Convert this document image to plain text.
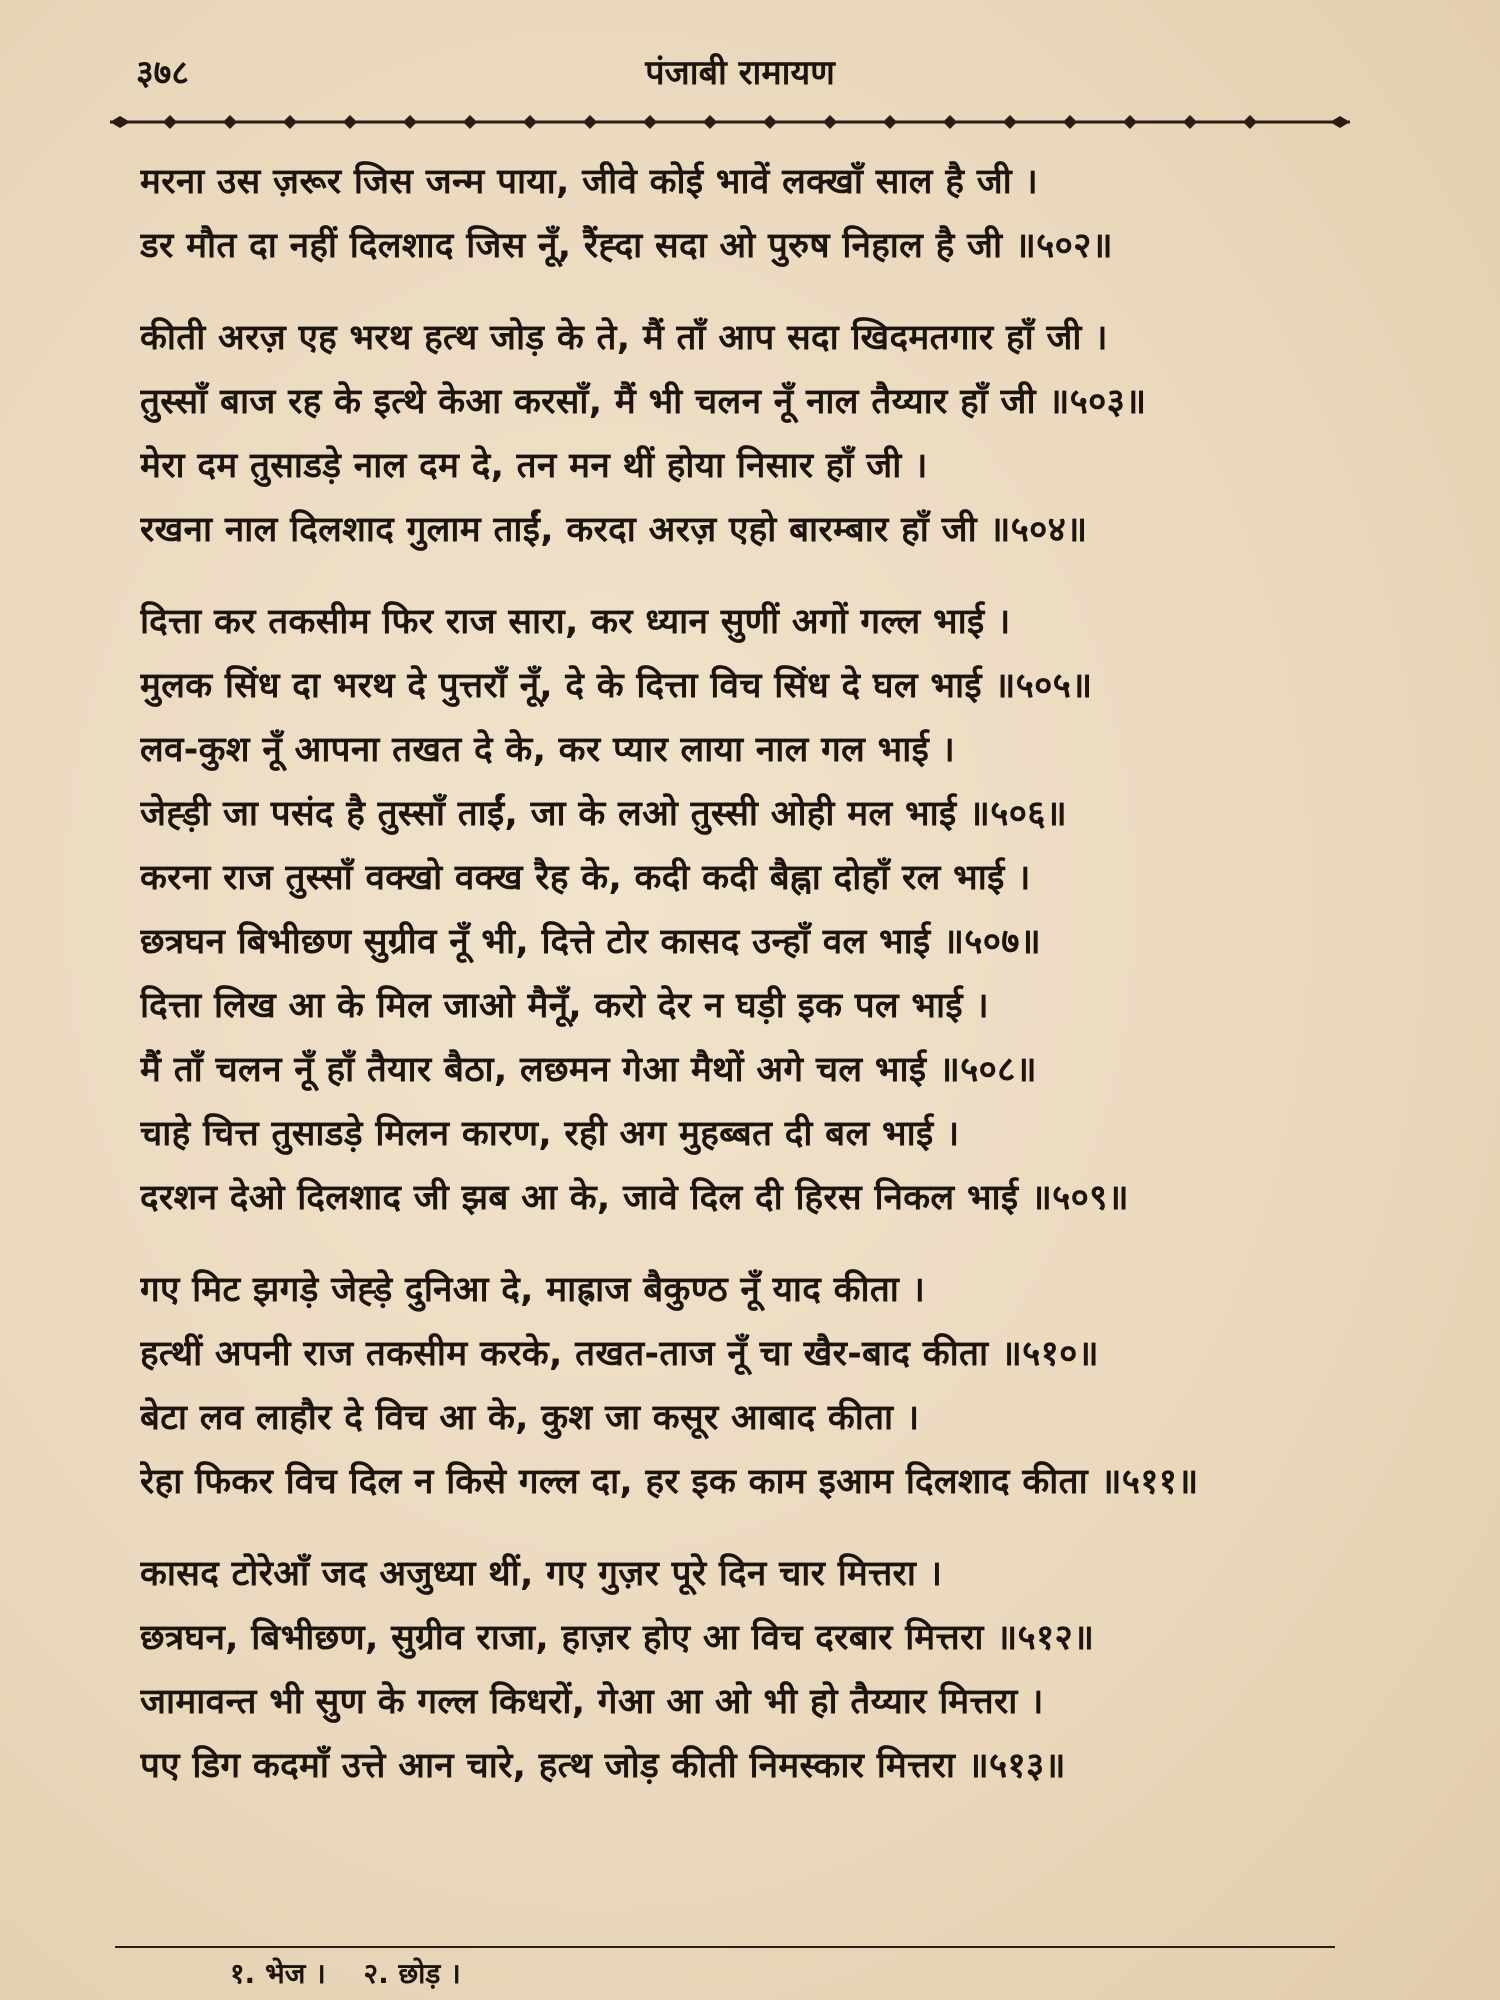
३७८	पंजाबी रामायण
मरना उस ज़रूर जिस जन्म पाया, जीवे कोई भावें लक्खाँ साल है जी ।
डर मौत दा नहीं दिलशाद जिस नूँ, रैंह्दा सदा ओ पुरुष निहाल है जी ॥५०२॥
कीती अरज़ एह भरथ हत्थ जोड़ के ते, मैं ताँ आप सदा खिदमतगार हाँ जी ।
तुस्साँ बाज रह के इत्थे केआ करसाँ, मैं भी चलन नूँ नाल तैय्यार हाँ जी ॥५०३॥
मेरा दम तुसाडड़े नाल दम दे, तन मन थीं होया निसार हाँ जी ।
रखना नाल दिलशाद गुलाम ताईं, करदा अरज़ एहो बारम्बार हाँ जी ॥५०४॥
दित्ता कर तकसीम फिर राज सारा, कर ध्यान सुणीं अगों गल्ल भाई ।
मुलक सिंध दा भरथ दे पुत्तराँ नूँ, दे के दित्ता विच सिंध दे घल भाई ॥५०५॥
लव-कुश नूँ आपना तखत दे के, कर प्यार लाया नाल गल भाई ।
जेह्ड़ी जा पसंद है तुस्साँ ताईं, जा के लओ तुस्सी ओही मल भाई ॥५०६॥
करना राज तुस्साँ वक्खो वक्ख रैह के, कदी कदी बैह्ना दोहाँ रल भाई ।
छत्रघन बिभीछण सुग्रीव नूँ भी, दित्ते टोर कासद उन्हाँ वल भाई ॥५०७॥
दित्ता लिख आ के मिल जाओ मैनूँ, करो देर न घड़ी इक पल भाई ।
मैं ताँ चलन नूँ हाँ तैयार बैठा, लछमन गेआ मैथों अगे चल भाई ॥५०८॥
चाहे चित्त तुसाडड़े मिलन कारण, रही अग मुहब्बत दी बल भाई ।
दरशन देओ दिलशाद जी झब आ के, जावे दिल दी हिरस निकल भाई ॥५०९॥
गए मिट झगड़े जेह्ड़े दुनिआ दे, माह्राज बैकुण्ठ नूँ याद कीता ।
हत्थीं अपनी राज तकसीम करके, तखत-ताज नूँ चा खैर-बाद कीता ॥५१०॥
बेटा लव लाहौर दे विच आ के, कुश जा कसूर आबाद कीता ।
रेहा फिकर विच दिल न किसे गल्ल दा, हर इक काम इआम दिलशाद कीता ॥५११॥
कासद टोरेआँ जद अजुध्या थीं, गए गुज़र पूरे दिन चार मित्तरा ।
छत्रघन, बिभीछण, सुग्रीव राजा, हाज़र होए आ विच दरबार मित्तरा ॥५१२॥
जामावन्त भी सुण के गल्ल किधरों, गेआ आ ओ भी हो तैय्यार मित्तरा ।
पए डिग कदमाँ उत्ते आन चारे, हत्थ जोड़ कीती निमस्कार मित्तरा ॥५१३॥
१. भेज । २. छोड़ ।
